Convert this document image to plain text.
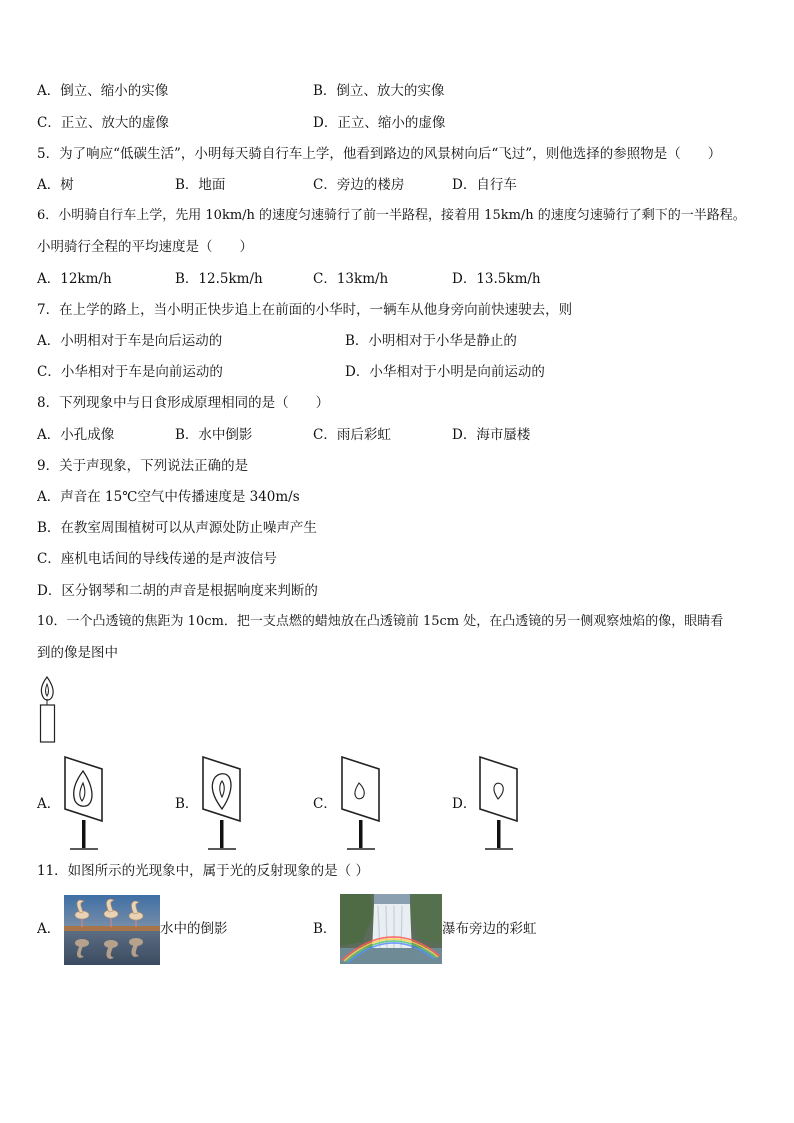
A．倒立、缩小的实像	B．倒立、放大的实像
C．正立、放大的虚像	D．正立、缩小的虚像
5．为了响应“低碳生活”，小明每天骑自行车上学，他看到路边的风景树向后“飞过”，则他选择的参照物是（　　）
A．树	B．地面	C．旁边的楼房	D．自行车
6．小明骑自行车上学，先用 10km/h 的速度匀速骑行了前一半路程，接着用 15km/h 的速度匀速骑行了剩下的一半路程。
小明骑行全程的平均速度是（　　）
A．12km/h	B．12.5km/h	C．13km/h	D．13.5km/h
7．在上学的路上，当小明正快步追上在前面的小华时，一辆车从他身旁向前快速驶去，则
A．小明相对于车是向后运动的	B．小明相对于小华是静止的
C．小华相对于车是向前运动的	D．小华相对于小明是向前运动的
8．下列现象中与日食形成原理相同的是（　　）
A．小孔成像	B．水中倒影	C．雨后彩虹	D．海市蜃楼
9．关于声现象，下列说法正确的是
A．声音在 15℃空气中传播速度是 340m/s
B．在教室周围植树可以从声源处防止噪声产生
C．座机电话间的导线传递的是声波信号
D．区分钢琴和二胡的声音是根据响度来判断的
10．一个凸透镜的焦距为 10cm．把一支点燃的蜡烛放在凸透镜前 15cm 处，在凸透镜的另一侧观察烛焰的像，眼睛看
到的像是图中
A．	B．	C．	D．
11．如图所示的光现象中，属于光的反射现象的是（ ）
A．	水中的倒影	B．	瀑布旁边的彩虹
